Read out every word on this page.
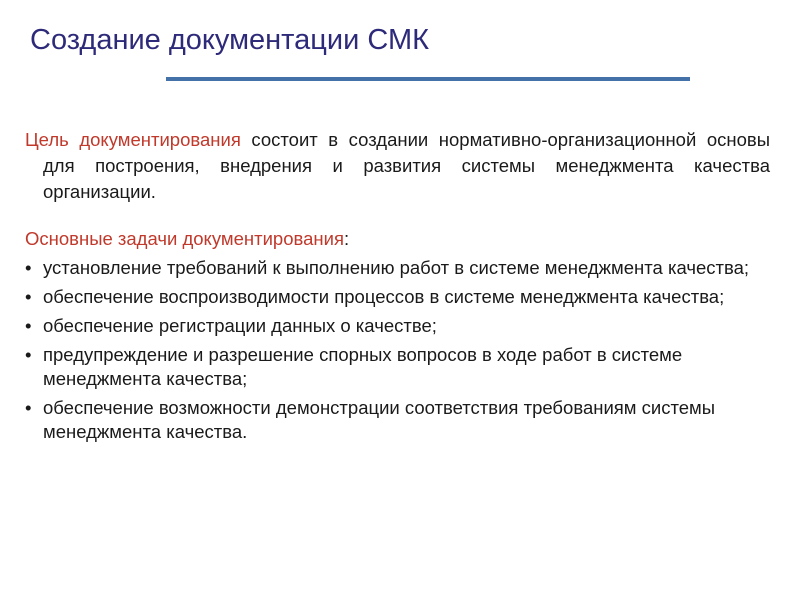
Создание документации СМК

Цель документирования состоит в создании нормативно-организационной основы для построения, внедрения и развития системы менеджмента качества организации.

Основные задачи документирования:

• установление требований к выполнению работ в системе менеджмента качества;
• обеспечение воспроизводимости процессов в системе менеджмента качества;
• обеспечение регистрации данных о качестве;
• предупреждение и разрешение спорных вопросов в ходе работ в системе менеджмента качества;
• обеспечение возможности демонстрации соответствия требованиям системы менеджмента качества.
